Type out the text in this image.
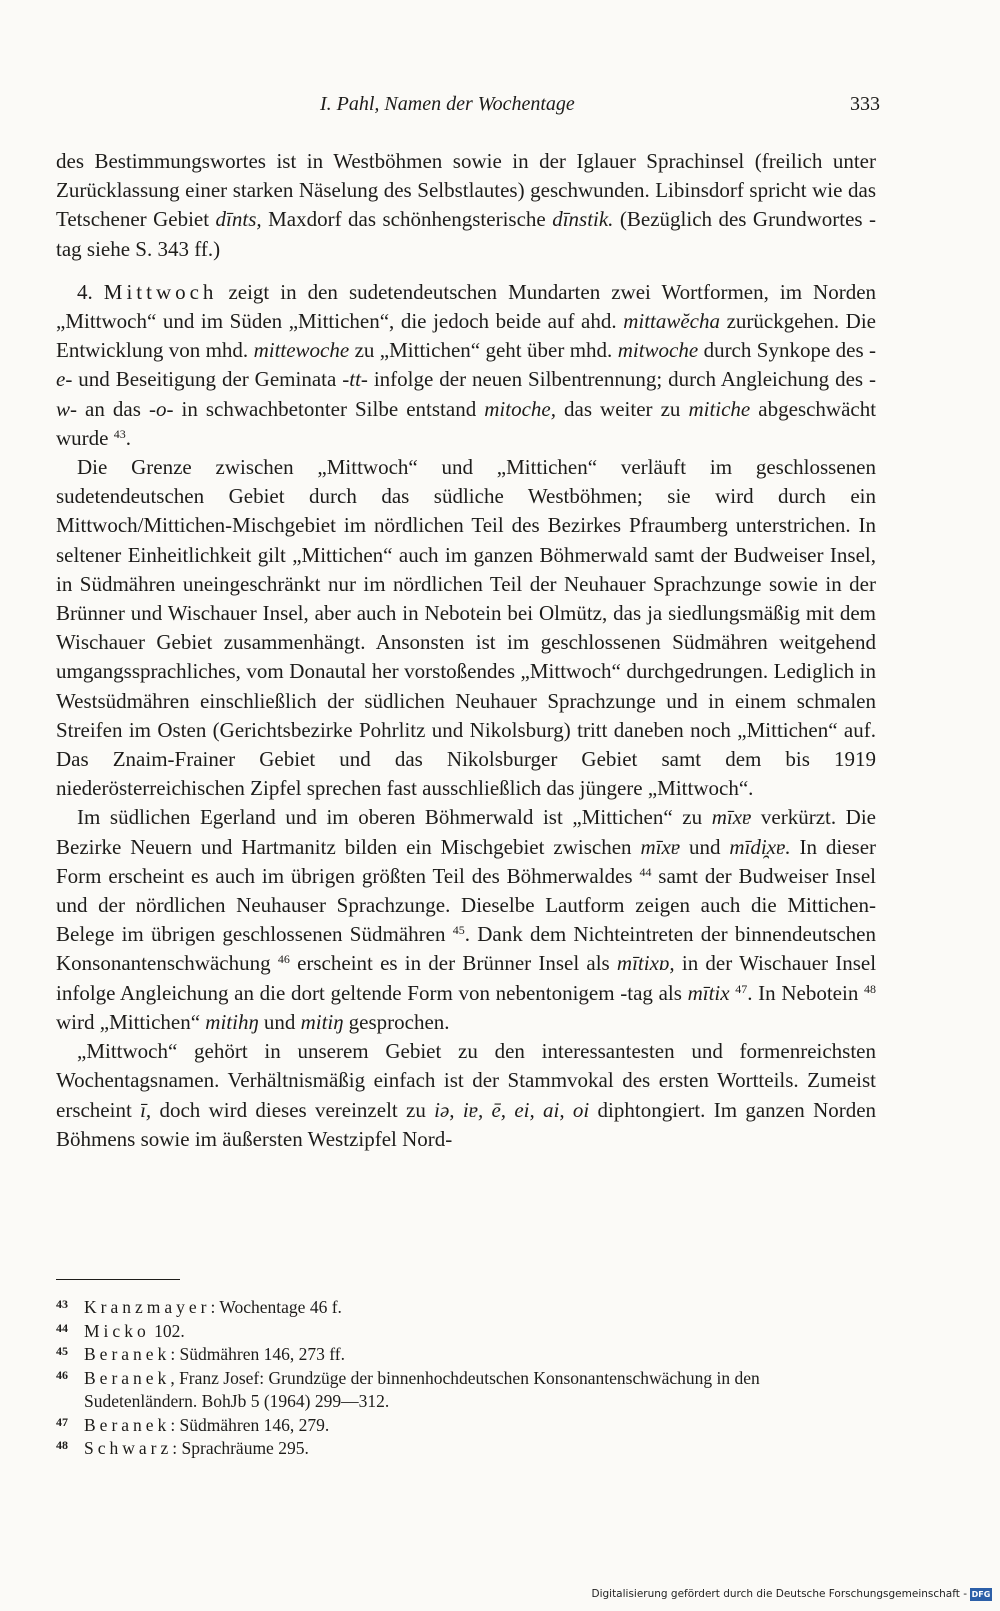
I. Pahl, Namen der Wochentage	333

des Bestimmungswortes ist in Westböhmen sowie in der Iglauer Sprachinsel (freilich unter Zurücklassung einer starken Näselung des Selbstlautes) geschwunden. Libinsdorf spricht wie das Tetschener Gebiet dīnts, Maxdorf das schönhengsterische dīnstik. (Bezüglich des Grundwortes -tag siehe S. 343 ff.)

4. Mittwoch zeigt in den sudetendeutschen Mundarten zwei Wortformen, im Norden „Mittwoch“ und im Süden „Mittichen“, die jedoch beide auf ahd. mittawĕcha zurückgehen. Die Entwicklung von mhd. mittewoche zu „Mittichen“ geht über mhd. mitwoche durch Synkope des -e- und Beseitigung der Geminata -tt- infolge der neuen Silbentrennung; durch Angleichung des -w- an das -o- in schwachbetonter Silbe entstand mitoche, das weiter zu mitiche abgeschwächt wurde $^{43}$.

Die Grenze zwischen „Mittwoch“ und „Mittichen“ verläuft im geschlossenen sudetendeutschen Gebiet durch das südliche Westböhmen; sie wird durch ein Mittwoch/Mittichen-Mischgebiet im nördlichen Teil des Bezirkes Pfraumberg unterstrichen. In seltener Einheitlichkeit gilt „Mittichen“ auch im ganzen Böhmerwald samt der Budweiser Insel, in Südmähren uneingeschränkt nur im nördlichen Teil der Neuhauer Sprachzunge sowie in der Brünner und Wischauer Insel, aber auch in Nebotein bei Olmütz, das ja siedlungsmäßig mit dem Wischauer Gebiet zusammenhängt. Ansonsten ist im geschlossenen Südmähren weitgehend umgangssprachliches, vom Donautal her vorstoßendes „Mittwoch“ durchgedrungen. Lediglich in Westsüdmähren einschließlich der südlichen Neuhauer Sprachzunge und in einem schmalen Streifen im Osten (Gerichtsbezirke Pohrlitz und Nikolsburg) tritt daneben noch „Mittichen“ auf. Das Znaim-Frainer Gebiet und das Nikolsburger Gebiet samt dem bis 1919 niederösterreichischen Zipfel sprechen fast ausschließlich das jüngere „Mittwoch“.

Im südlichen Egerland und im oberen Böhmerwald ist „Mittichen“ zu mīxɐ verkürzt. Die Bezirke Neuern und Hartmanitz bilden ein Mischgebiet zwischen mīxɐ und mīdi̯xɐ. In dieser Form erscheint es auch im übrigen größten Teil des Böhmerwaldes $^{44}$ samt der Budweiser Insel und der nördlichen Neuhauser Sprachzunge. Dieselbe Lautform zeigen auch die Mittichen-Belege im übrigen geschlossenen Südmähren $^{45}$. Dank dem Nichteintreten der binnendeutschen Konsonantenschwächung $^{46}$ erscheint es in der Brünner Insel als mītixɒ, in der Wischauer Insel infolge Angleichung an die dort geltende Form von nebentonigem -tag als mītix $^{47}$. In Nebotein $^{48}$ wird „Mittichen“ mitihŋ und mitiŋ gesprochen.

„Mittwoch“ gehört in unserem Gebiet zu den interessantesten und formenreichsten Wochentagsnamen. Verhältnismäßig einfach ist der Stammvokal des ersten Wortteils. Zumeist erscheint ī, doch wird dieses vereinzelt zu iə, iɐ, ē, ei, ai, oi diphtongiert. Im ganzen Norden Böhmens sowie im äußersten Westzipfel Nord-

43 Kranzmayer: Wochentage 46 f.
44 Micko 102.
45 Beranek: Südmähren 146, 273 ff.
46 Beranek, Franz Josef: Grundzüge der binnenhochdeutschen Konsonantenschwächung in den Sudetenländern. BohJb 5 (1964) 299—312.
47 Beranek: Südmähren 146, 279.
48 Schwarz: Sprachräume 295.
Digitalisierung gefördert durch die Deutsche Forschungsgemeinschaft - DFG
